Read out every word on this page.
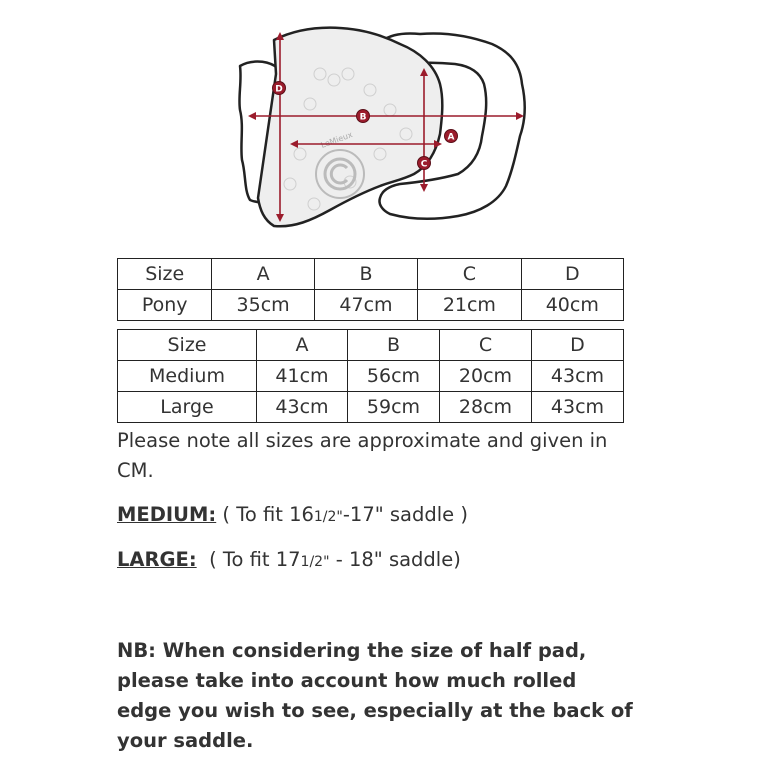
LeMieux
D
B
A
C
Size	A	B	C	D
Pony	35cm	47cm	21cm	40cm
Size	A	B	C	D
Medium	41cm	56cm	20cm	43cm
Large	43cm	59cm	28cm	43cm
Please note all sizes are approximate and given in CM.
MEDIUM: ( To fit 161/2"-17" saddle )
LARGE:  ( To fit 171/2" - 18" saddle)
NB: When considering the size of half pad, please take into account how much rolled edge you wish to see, especially at the back of your saddle.
